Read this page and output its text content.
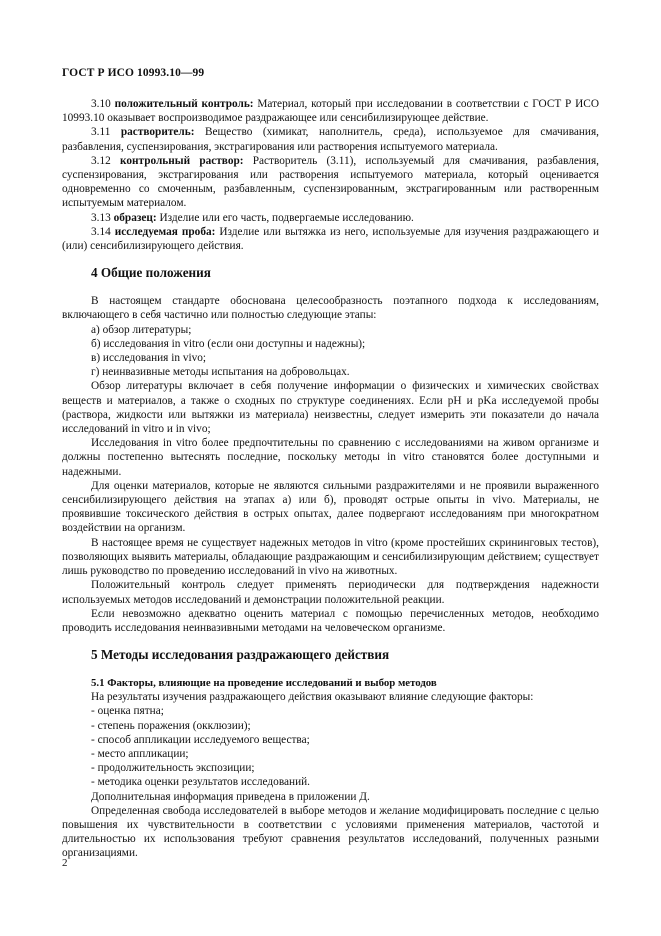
ГОСТ Р ИСО 10993.10—99

3.10 положительный контроль: Материал, который при исследовании в соответствии с ГОСТ Р ИСО 10993.10 оказывает воспроизводимое раздражающее или сенсибилизирующее действие.

3.11 растворитель: Вещество (химикат, наполнитель, среда), используемое для смачивания, разбавления, суспензирования, экстрагирования или растворения испытуемого материала.

3.12 контрольный раствор: Растворитель (3.11), используемый для смачивания, разбавления, суспензирования, экстрагирования или растворения испытуемого материала, который оценивается одновременно со смоченным, разбавленным, суспензированным, экстрагированным или растворенным испытуемым материалом.

3.13 образец: Изделие или его часть, подвергаемые исследованию.

3.14 исследуемая проба: Изделие или вытяжка из него, используемые для изучения раздражающего и (или) сенсибилизирующего действия.

4 Общие положения

В настоящем стандарте обоснована целесообразность поэтапного подхода к исследованиям, включающего в себя частично или полностью следующие этапы:

а) обзор литературы;

б) исследования in vitro (если они доступны и надежны);

в) исследования in vivo;

г) неинвазивные методы испытания на добровольцах.

Обзор литературы включает в себя получение информации о физических и химических свойствах веществ и материалов, а также о сходных по структуре соединениях. Если pH и pKa исследуемой пробы (раствора, жидкости или вытяжки из материала) неизвестны, следует измерить эти показатели до начала исследований in vitro и in vivo;

Исследования in vitro более предпочтительны по сравнению с исследованиями на живом организме и должны постепенно вытеснять последние, поскольку методы in vitro становятся более доступными и надежными.

Для оценки материалов, которые не являются сильными раздражителями и не проявили выраженного сенсибилизирующего действия на этапах а) или б), проводят острые опыты in vivo. Материалы, не проявившие токсического действия в острых опытах, далее подвергают исследованиям при многократном воздействии на организм.

В настоящее время не существует надежных методов in vitro (кроме простейших скрининговых тестов), позволяющих выявить материалы, обладающие раздражающим и сенсибилизирующим действием; существует лишь руководство по проведению исследований in vivo на животных.

Положительный контроль следует применять периодически для подтверждения надежности используемых методов исследований и демонстрации положительной реакции.

Если невозможно адекватно оценить материал с помощью перечисленных методов, необходимо проводить исследования неинвазивными методами на человеческом организме.

5 Методы исследования раздражающего действия
5.1 Факторы, влияющие на проведение исследований и выбор методов

На результаты изучения раздражающего действия оказывают влияние следующие факторы:

- оценка пятна;

- степень поражения (окклюзии);

- способ аппликации исследуемого вещества;

- место аппликации;

- продолжительность экспозиции;

- методика оценки результатов исследований.

Дополнительная информация приведена в приложении Д.

Определенная свобода исследователей в выборе методов и желание модифицировать последние с целью повышения их чувствительности в соответствии с условиями применения материалов, частотой и длительностью их использования требуют сравнения результатов исследований, полученных разными организациями.

2
